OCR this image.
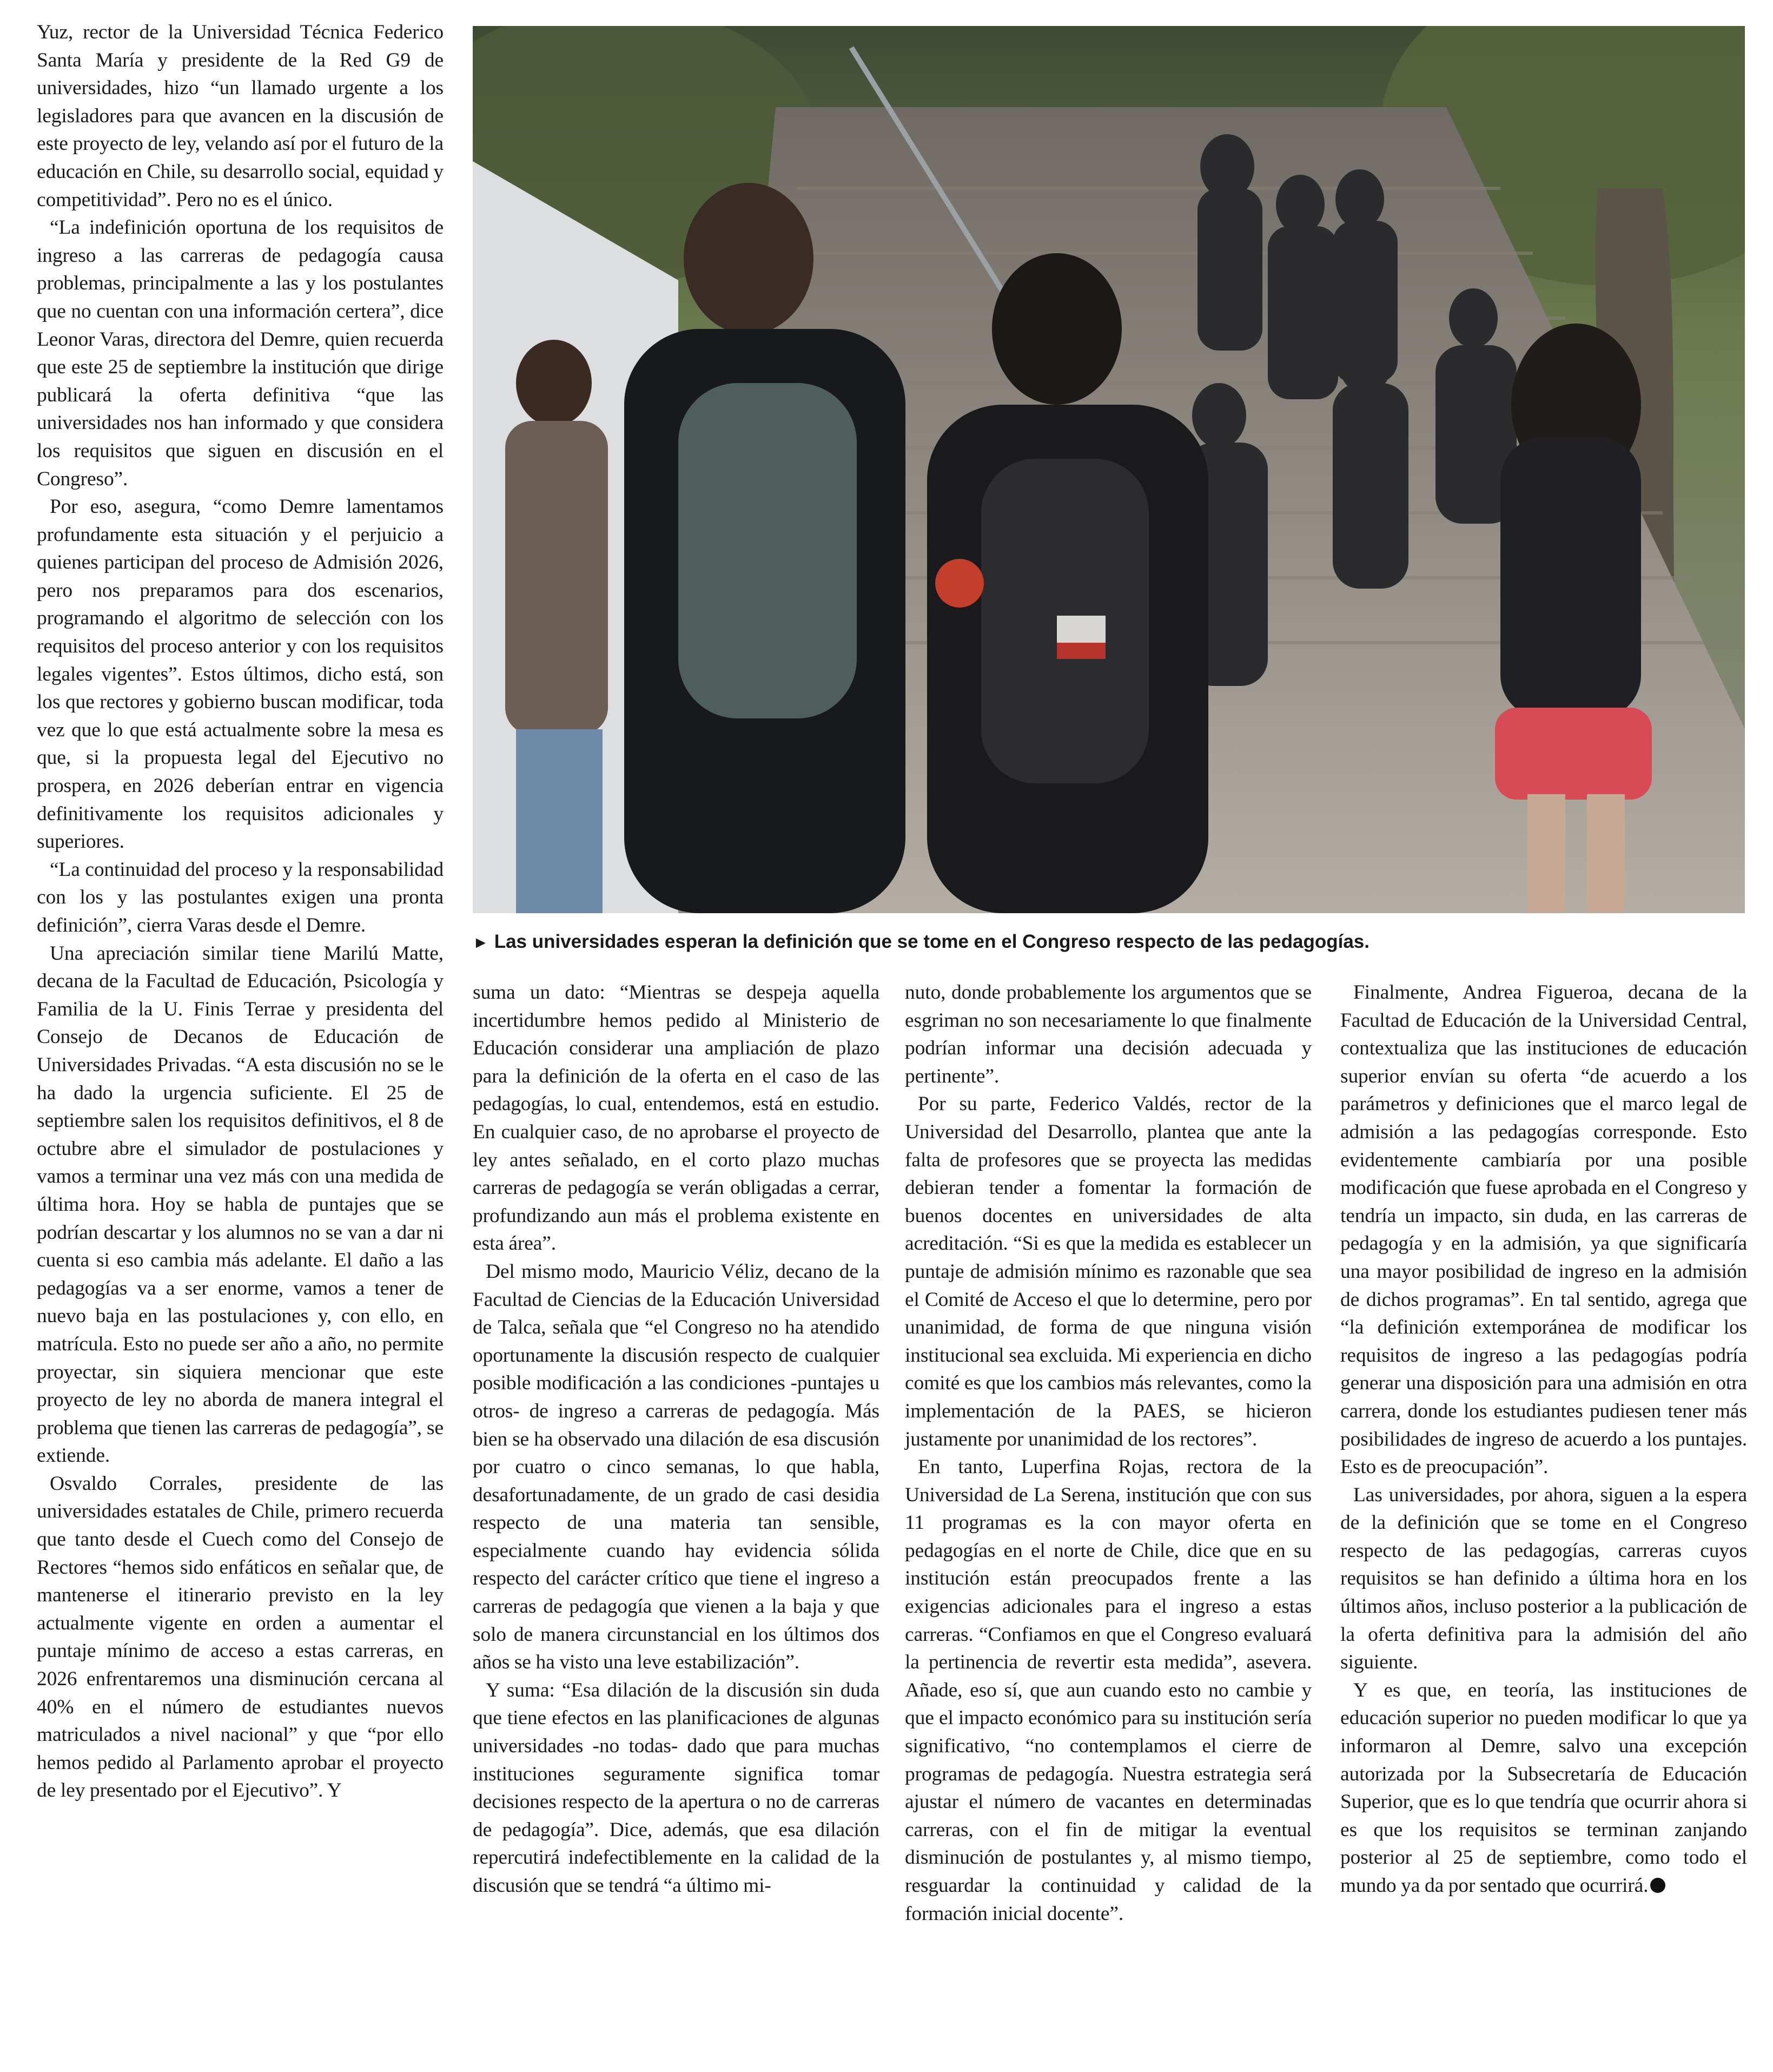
Yuz, rector de la Universidad Técnica Federico Santa María y presidente de la Red G9 de universidades, hizo “un llamado urgente a los legisladores para que avancen en la discusión de este proyecto de ley, velando así por el futuro de la educación en Chile, su desarrollo social, equidad y competitividad”. Pero no es el único.

“La indefinición oportuna de los requisitos de ingreso a las carreras de pedagogía causa problemas, principalmente a las y los postulantes que no cuentan con una información certera”, dice Leonor Varas, directora del Demre, quien recuerda que este 25 de septiembre la institución que dirige publicará la oferta definitiva “que las universidades nos han informado y que considera los requisitos que siguen en discusión en el Congreso”.

Por eso, asegura, “como Demre lamentamos profundamente esta situación y el perjuicio a quienes participan del proceso de Admisión 2026, pero nos preparamos para dos escenarios, programando el algoritmo de selección con los requisitos del proceso anterior y con los requisitos legales vigentes”. Estos últimos, dicho está, son los que rectores y gobierno buscan modificar, toda vez que lo que está actualmente sobre la mesa es que, si la propuesta legal del Ejecutivo no prospera, en 2026 deberían entrar en vigencia definitivamente los requisitos adicionales y superiores.

“La continuidad del proceso y la responsabilidad con los y las postulantes exigen una pronta definición”, cierra Varas desde el Demre.

Una apreciación similar tiene Marilú Matte, decana de la Facultad de Educación, Psicología y Familia de la U. Finis Terrae y presidenta del Consejo de Decanos de Educación de Universidades Privadas. “A esta discusión no se le ha dado la urgencia suficiente. El 25 de septiembre salen los requisitos definitivos, el 8 de octubre abre el simulador de postulaciones y vamos a terminar una vez más con una medida de última hora. Hoy se habla de puntajes que se podrían descartar y los alumnos no se van a dar ni cuenta si eso cambia más adelante. El daño a las pedagogías va a ser enorme, vamos a tener de nuevo baja en las postulaciones y, con ello, en matrícula. Esto no puede ser año a año, no permite proyectar, sin siquiera mencionar que este proyecto de ley no aborda de manera integral el problema que tienen las carreras de pedagogía”, se extiende.

Osvaldo Corrales, presidente de las universidades estatales de Chile, primero recuerda que tanto desde el Cuech como del Consejo de Rectores “hemos sido enfáticos en señalar que, de mantenerse el itinerario previsto en la ley actualmente vigente en orden a aumentar el puntaje mínimo de acceso a estas carreras, en 2026 enfrentaremos una disminución cercana al 40% en el número de estudiantes nuevos matriculados a nivel nacional” y que “por ello hemos pedido al Parlamento aprobar el proyecto de ley presentado por el Ejecutivo”. Y

► Las universidades esperan la definición que se tome en el Congreso respecto de las pedagogías.

suma un dato: “Mientras se despeja aquella incertidumbre hemos pedido al Ministerio de Educación considerar una ampliación de plazo para la definición de la oferta en el caso de las pedagogías, lo cual, entendemos, está en estudio. En cualquier caso, de no aprobarse el proyecto de ley antes señalado, en el corto plazo muchas carreras de pedagogía se verán obligadas a cerrar, profundizando aun más el problema existente en esta área”.

Del mismo modo, Mauricio Véliz, decano de la Facultad de Ciencias de la Educación Universidad de Talca, señala que “el Congreso no ha atendido oportunamente la discusión respecto de cualquier posible modificación a las condiciones -puntajes u otros- de ingreso a carreras de pedagogía. Más bien se ha observado una dilación de esa discusión por cuatro o cinco semanas, lo que habla, desafortunadamente, de un grado de casi desidia respecto de una materia tan sensible, especialmente cuando hay evidencia sólida respecto del carácter crítico que tiene el ingreso a carreras de pedagogía que vienen a la baja y que solo de manera circunstancial en los últimos dos años se ha visto una leve estabilización”.

Y suma: “Esa dilación de la discusión sin duda que tiene efectos en las planificaciones de algunas universidades -no todas- dado que para muchas instituciones seguramente significa tomar decisiones respecto de la apertura o no de carreras de pedagogía”. Dice, además, que esa dilación repercutirá indefectiblemente en la calidad de la discusión que se tendrá “a último mi-

nuto, donde probablemente los argumentos que se esgriman no son necesariamente lo que finalmente podrían informar una decisión adecuada y pertinente”.

Por su parte, Federico Valdés, rector de la Universidad del Desarrollo, plantea que ante la falta de profesores que se proyecta las medidas debieran tender a fomentar la formación de buenos docentes en universidades de alta acreditación. “Si es que la medida es establecer un puntaje de admisión mínimo es razonable que sea el Comité de Acceso el que lo determine, pero por unanimidad, de forma de que ninguna visión institucional sea excluida. Mi experiencia en dicho comité es que los cambios más relevantes, como la implementación de la PAES, se hicieron justamente por unanimidad de los rectores”.

En tanto, Luperfina Rojas, rectora de la Universidad de La Serena, institución que con sus 11 programas es la con mayor oferta en pedagogías en el norte de Chile, dice que en su institución están preocupados frente a las exigencias adicionales para el ingreso a estas carreras. “Confiamos en que el Congreso evaluará la pertinencia de revertir esta medida”, asevera. Añade, eso sí, que aun cuando esto no cambie y que el impacto económico para su institución sería significativo, “no contemplamos el cierre de programas de pedagogía. Nuestra estrategia será ajustar el número de vacantes en determinadas carreras, con el fin de mitigar la eventual disminución de postulantes y, al mismo tiempo, resguardar la continuidad y calidad de la formación inicial docente”.

Finalmente, Andrea Figueroa, decana de la Facultad de Educación de la Universidad Central, contextualiza que las instituciones de educación superior envían su oferta “de acuerdo a los parámetros y definiciones que el marco legal de admisión a las pedagogías corresponde. Esto evidentemente cambiaría por una posible modificación que fuese aprobada en el Congreso y tendría un impacto, sin duda, en las carreras de pedagogía y en la admisión, ya que significaría una mayor posibilidad de ingreso en la admisión de dichos programas”. En tal sentido, agrega que “la definición extemporánea de modificar los requisitos de ingreso a las pedagogías podría generar una disposición para una admisión en otra carrera, donde los estudiantes pudiesen tener más posibilidades de ingreso de acuerdo a los puntajes. Esto es de preocupación”.

Las universidades, por ahora, siguen a la espera de la definición que se tome en el Congreso respecto de las pedagogías, carreras cuyos requisitos se han definido a última hora en los últimos años, incluso posterior a la publicación de la oferta definitiva para la admisión del año siguiente.

Y es que, en teoría, las instituciones de educación superior no pueden modificar lo que ya informaron al Demre, salvo una excepción autorizada por la Subsecretaría de Educación Superior, que es lo que tendría que ocurrir ahora si es que los requisitos se terminan zanjando posterior al 25 de septiembre, como todo el mundo ya da por sentado que ocurrirá.
